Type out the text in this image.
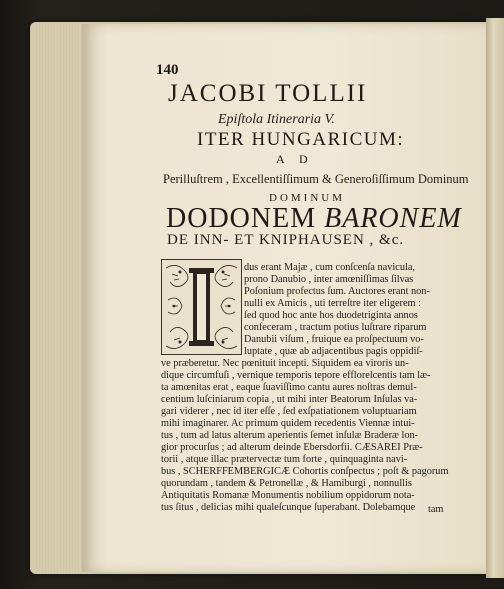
140
JACOBI TOLLII
Epiſtola Itineraria V.
ITER HUNGARICUM:
A D
Perilluſtrem , Excellentiſſimum & Generoſiſſimum Dominum
DOMINUM
DODONEM BARONEM
DE INN- ET KNIPHAUSEN , &c.
dus erant Majæ , cum conſcenſa navicula,
prono Danubio , inter amœniſſimas ſilvas
Poſonium profectus ſum. Auctores erant non-
nulli ex Amicis , uti terreſtre iter eligerem :
ſed quod hoc ante hos duodetriginta annos
confeceram , tractum potius luſtrare riparum
Danubii viſum , fruique ea proſpectuum vo-
luptate , quæ ab adjacentibus pagis oppidiſ-
ve præberetur. Nec pœnituit incepti. Siquidem ea viroris un-
dique circumfuſi , vernique temporis tepore efflorelcentis tam læ-
ta amœnitas erat , eaque ſuaviſſimo cantu aures noſtras demul-
centium luſciniarum copia , ut mihi inter Beatorum Inſulas va-
gari viderer , nec id iter eſſe , ſed exſpatiationem voluptuariam
mihi imaginarer. Ac primum quidem recedentis Viennæ intui-
tus , tum ad latus alterum aperientis ſemet inſulæ Braderæ lon-
gior procurſus ; ad alterum deinde Ebersdorfii. CÆSAREI Præ-
torii , atque illac prætervectæ tum forte , quinquaginta navi-
bus , SCHERFFEMBERGICÆ Cohortis conſpectus ; poſt & pagorum
quorundam , tandem & Petronellæ , & Hamiburgi , nonnullis
Antiquitatis Romanæ Monumentis nobilium oppidorum nota-
tus ſitus , delicias mihi qualeſcunque ſuperabant. Dolebamque tam
